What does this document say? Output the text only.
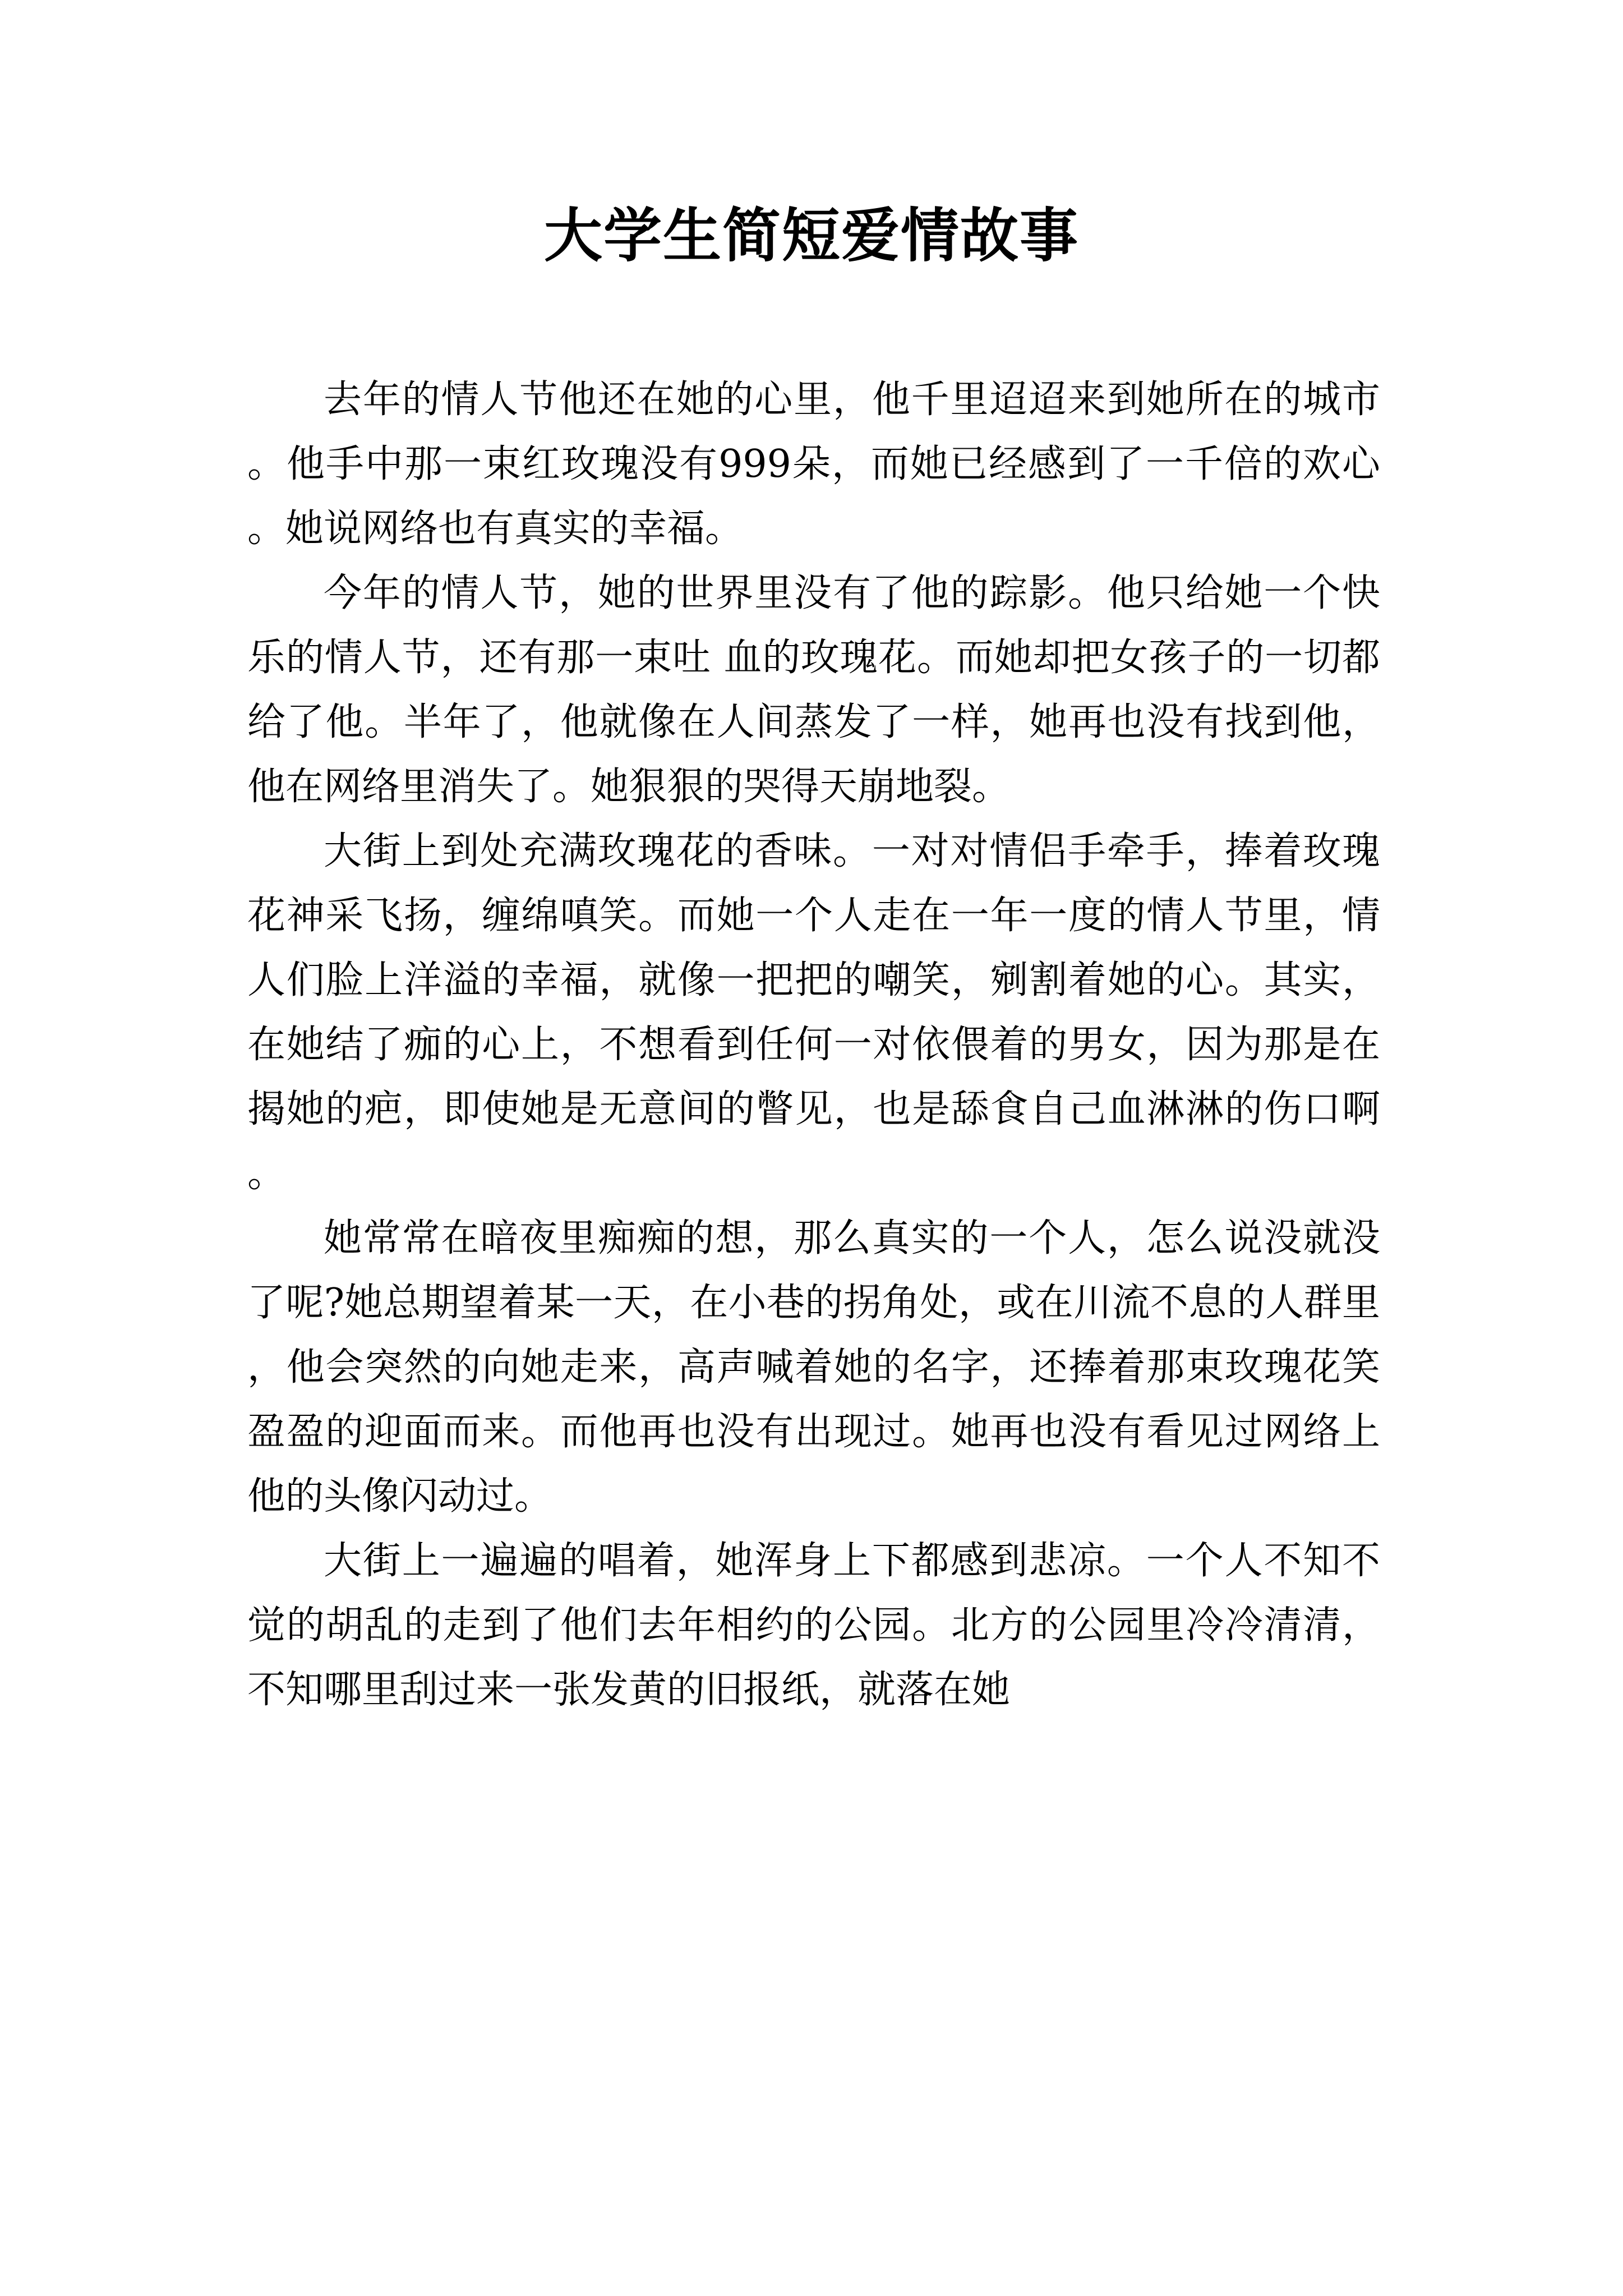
大学生简短爱情故事

去年的情人节他还在她的心里，他千里迢迢来到她所在的城市。他手中那一束红玫瑰没有999朵，而她已经感到了一千倍的欢心。她说网络也有真实的幸福。

今年的情人节，她的世界里没有了他的踪影。他只给她一个快乐的情人节，还有那一束吐 血的玫瑰花。而她却把女孩子的一切都给了他。半年了，他就像在人间蒸发了一样，她再也没有找到他，他在网络里消失了。她狠狠的哭得天崩地裂。

大街上到处充满玫瑰花的香味。一对对情侣手牵手，捧着玫瑰花神采飞扬，缠绵嗔笑。而她一个人走在一年一度的情人节里，情人们脸上洋溢的幸福，就像一把把的嘲笑，剜割着她的心。其实，在她结了痂的心上，不想看到任何一对依偎着的男女，因为那是在揭她的疤，即使她是无意间的瞥见，也是舔食自己血淋淋的伤口啊。

她常常在暗夜里痴痴的想，那么真实的一个人，怎么说没就没了呢?她总期望着某一天，在小巷的拐角处，或在川流不息的人群里，他会突然的向她走来，高声喊着她的名字，还捧着那束玫瑰花笑盈盈的迎面而来。而他再也没有出现过。她再也没有看见过网络上他的头像闪动过。

大街上一遍遍的唱着，她浑身上下都感到悲凉。一个人不知不觉的胡乱的走到了他们去年相约的公园。北方的公园里冷冷清清，不知哪里刮过来一张发黄的旧报纸，就落在她
